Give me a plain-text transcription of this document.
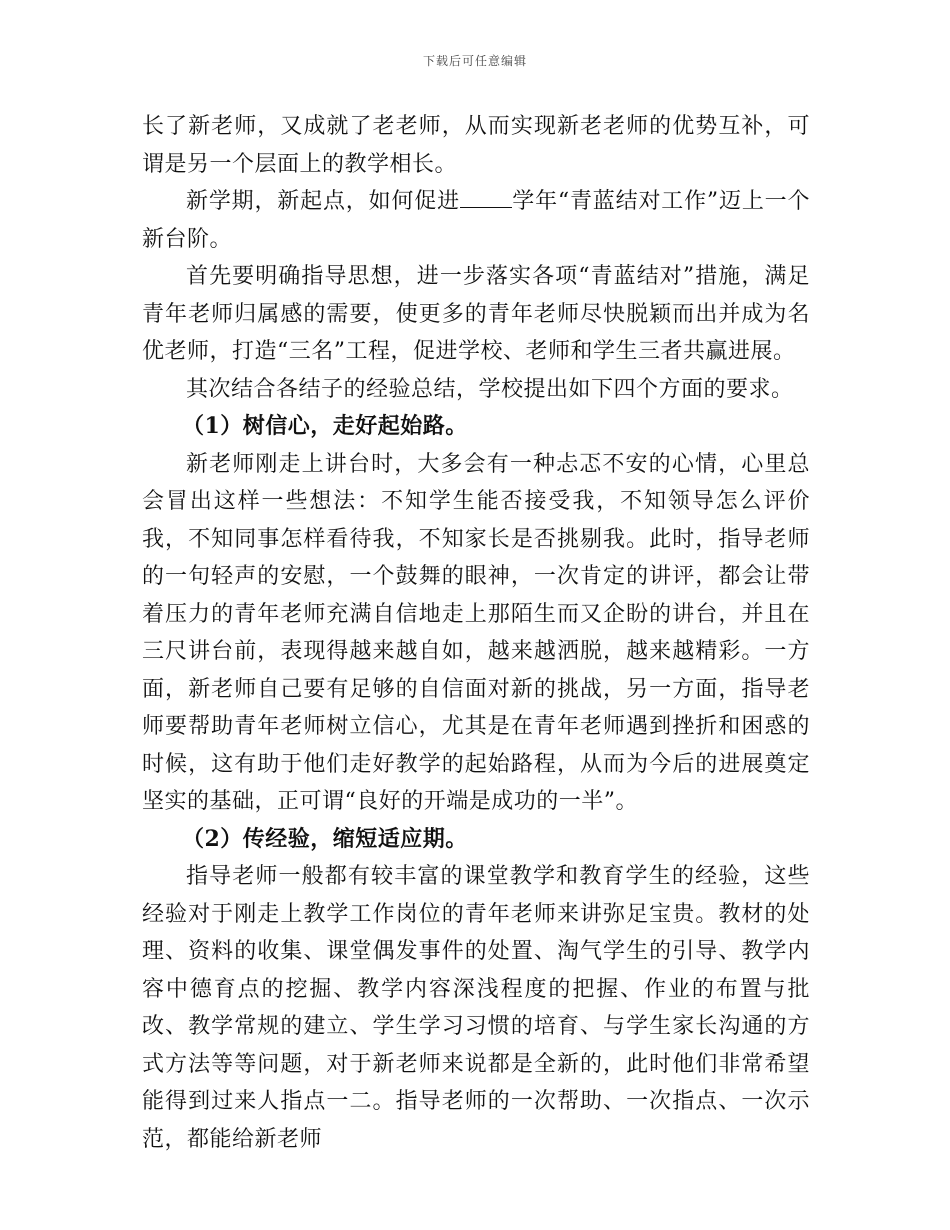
下载后可任意编辑

长了新老师，又成就了老老师，从而实现新老老师的优势互补，可谓是另一个层面上的教学相长。

新学期，新起点，如何促进 学年“青蓝结对工作”迈上一个新台阶。

首先要明确指导思想，进一步落实各项“青蓝结对”措施，满足青年老师归属感的需要，使更多的青年老师尽快脱颖而出并成为名优老师，打造“三名”工程，促进学校、老师和学生三者共赢进展。

其次结合各结子的经验总结，学校提出如下四个方面的要求。

（1）树信心，走好起始路。

新老师刚走上讲台时，大多会有一种忐忑不安的心情，心里总会冒出这样一些想法：不知学生能否接受我，不知领导怎么评价我，不知同事怎样看待我，不知家长是否挑剔我。此时，指导老师的一句轻声的安慰，一个鼓舞的眼神，一次肯定的讲评，都会让带着压力的青年老师充满自信地走上那陌生而又企盼的讲台，并且在三尺讲台前，表现得越来越自如，越来越洒脱，越来越精彩。一方面，新老师自己要有足够的自信面对新的挑战，另一方面，指导老师要帮助青年老师树立信心，尤其是在青年老师遇到挫折和困惑的时候，这有助于他们走好教学的起始路程，从而为今后的进展奠定坚实的基础，正可谓“良好的开端是成功的一半”。

（2）传经验，缩短适应期。

指导老师一般都有较丰富的课堂教学和教育学生的经验，这些经验对于刚走上教学工作岗位的青年老师来讲弥足宝贵。教材的处理、资料的收集、课堂偶发事件的处置、淘气学生的引导、教学内容中德育点的挖掘、教学内容深浅程度的把握、作业的布置与批改、教学常规的建立、学生学习习惯的培育、与学生家长沟通的方式方法等等问题，对于新老师来说都是全新的，此时他们非常希望能得到过来人指点一二。指导老师的一次帮助、一次指点、一次示范，都能给新老师
